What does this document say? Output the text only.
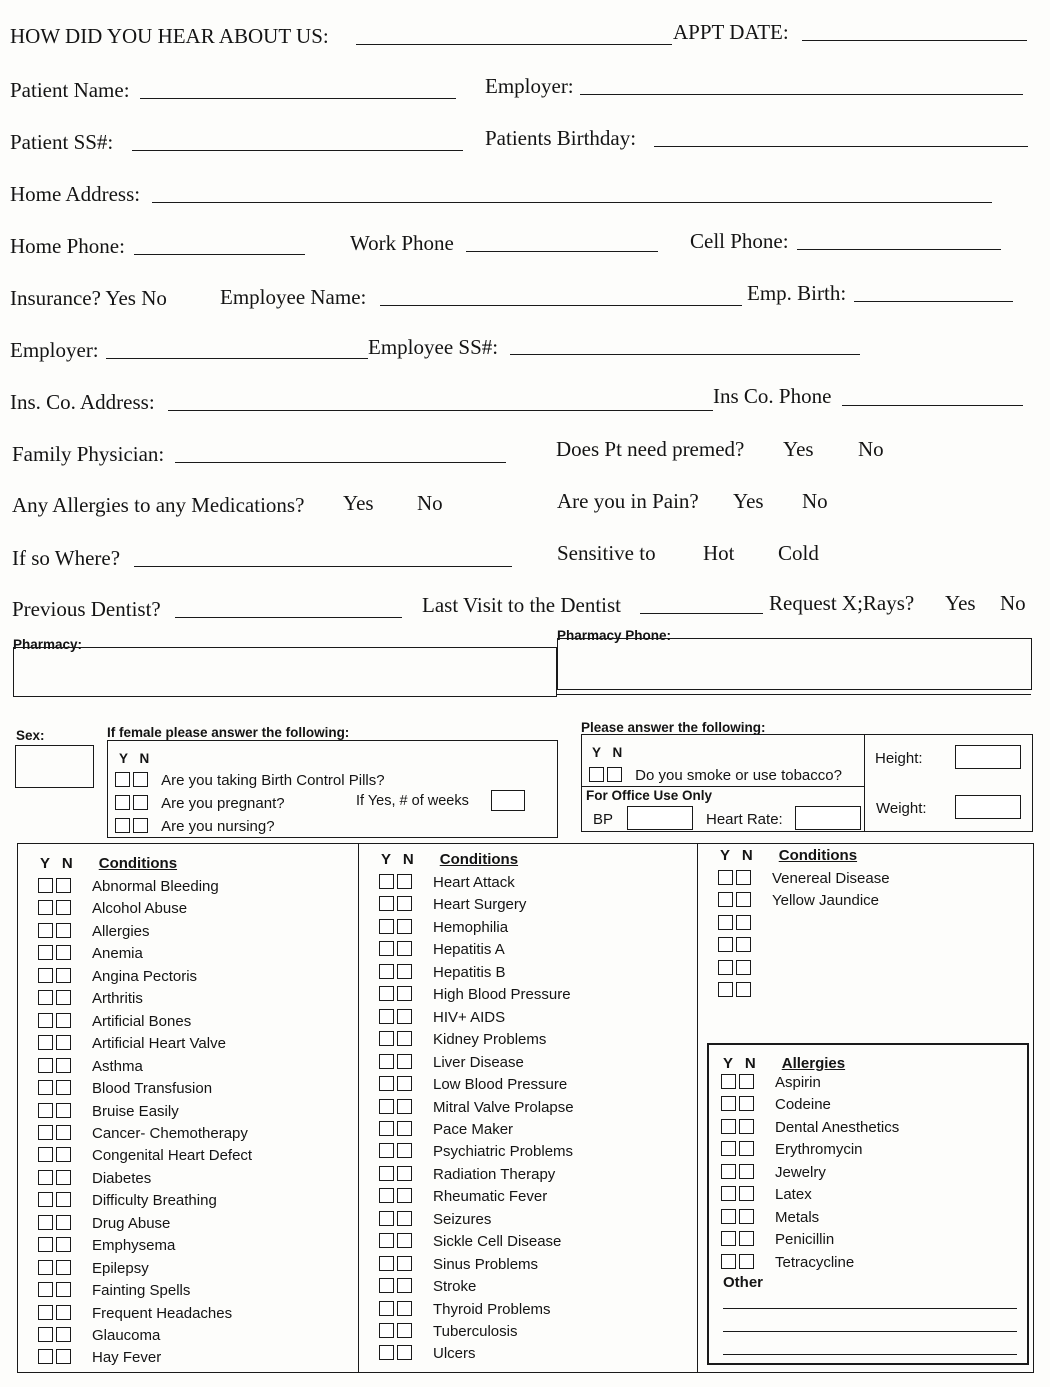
HOW DID YOU HEAR ABOUT US:	APPT DATE:
Patient Name:	Employer:
Patient SS#:	Patients Birthday:
Home Address:
Home Phone:	Work Phone	Cell Phone:
Insurance? Yes No	Employee Name:	Emp. Birth:
Employer:	Employee SS#:
Ins. Co. Address:	Ins Co. Phone
Family Physician:	Does Pt need premed? Yes No
Any Allergies to any Medications? Yes No	Are you in Pain? Yes No
If so Where?	Sensitive to Hot Cold
Previous Dentist?	Last Visit to the Dentist	Request X;Rays? Yes No
Pharmacy:
Pharmacy Phone:
Sex:	If female please answer the following:
Y N
Are you taking Birth Control Pills?
Are you pregnant?	If Yes, # of weeks
Are you nursing?
Please answer the following:
Y N
Do you smoke or use tobacco?
For Office Use Only
BP	Heart Rate:
Height:
Weight:
Y N Conditions	Y N Conditions	Y N Conditions
Abnormal Bleeding
Alcohol Abuse
Allergies
Anemia
Angina Pectoris
Arthritis
Artificial Bones
Artificial Heart Valve
Asthma
Blood Transfusion
Bruise Easily
Cancer- Chemotherapy
Congenital Heart Defect
Diabetes
Difficulty Breathing
Drug Abuse
Emphysema
Epilepsy
Fainting Spells
Frequent Headaches
Glaucoma
Hay Fever
Heart Attack
Heart Surgery
Hemophilia
Hepatitis A
Hepatitis B
High Blood Pressure
HIV+ AIDS
Kidney Problems
Liver Disease
Low Blood Pressure
Mitral Valve Prolapse
Pace Maker
Psychiatric Problems
Radiation Therapy
Rheumatic Fever
Seizures
Sickle Cell Disease
Sinus Problems
Stroke
Thyroid Problems
Tuberculosis
Ulcers
Venereal Disease
Yellow Jaundice
Y N Allergies
Aspirin
Codeine
Dental Anesthetics
Erythromycin
Jewelry
Latex
Metals
Penicillin
Tetracycline
Other
